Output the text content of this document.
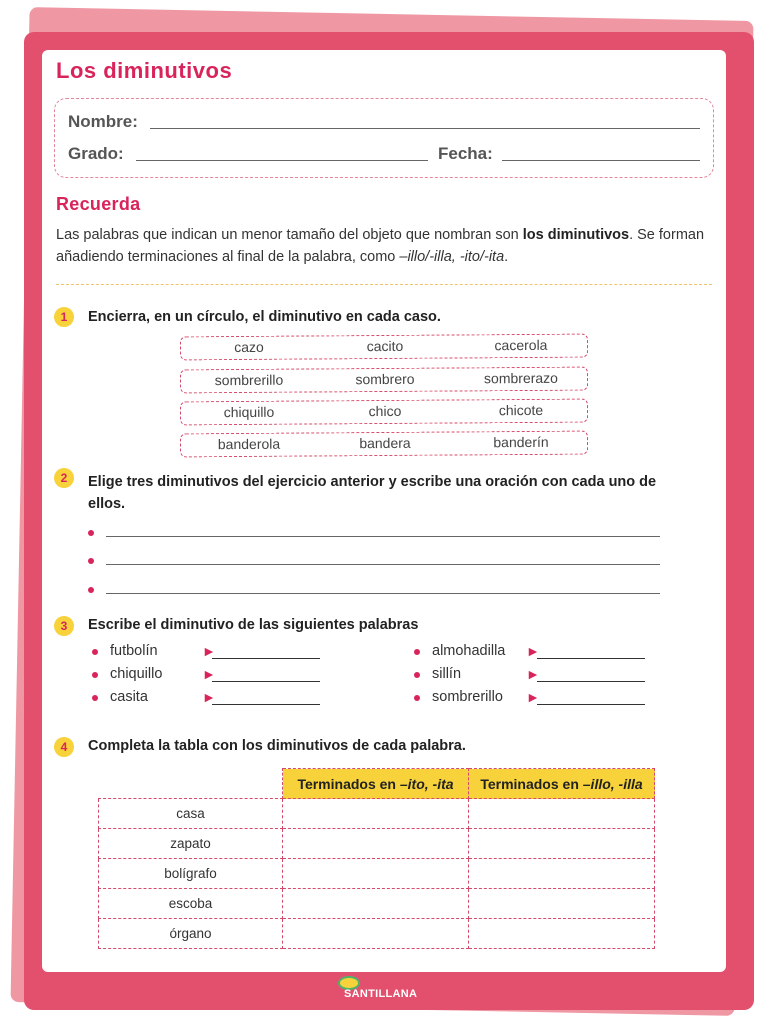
Los diminutivos
Nombre:
Grado:	Fecha:
Recuerda
Las palabras que indican un menor tamaño del objeto que nombran son los diminutivos. Se forman añadiendo terminaciones al final de la palabra, como –illo/-illa, -ito/-ita.
1	Encierra, en un círculo, el diminutivo en cada caso.
cazo	cacito	cacerola
sombrerillo	sombrero	sombrerazo
chiquillo	chico	chicote
banderola	bandera	banderín
2	Elige tres diminutivos del ejercicio anterior y escribe una oración con cada uno de ellos.
3	Escribe el diminutivo de las siguientes palabras
futbolín	►
chiquillo	►
casita	►
almohadilla ►
sillín	►
sombrerillo ►
4	Completa la tabla con los diminutivos de cada palabra.
	Terminados en –ito, -ita	Terminados en –illo, -illa
casa		
zapato		
bolígrafo		
escoba		
órgano		
SANTILLANA
